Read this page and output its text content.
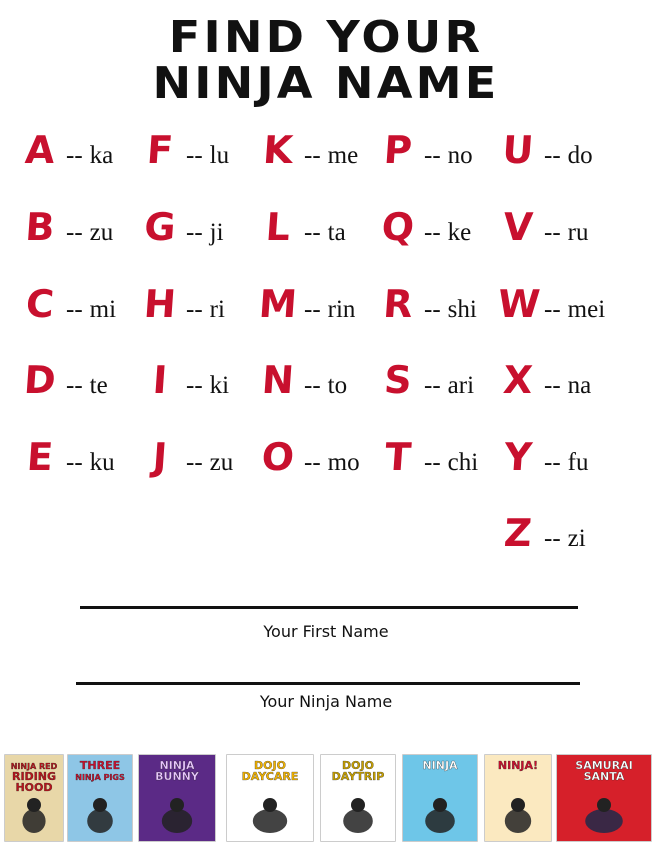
FIND YOUR
NINJA NAME
A -- ka
B -- zu
C -- mi
D -- te
E -- ku
F -- lu
G -- ji
H -- ri
I -- ki
J -- zu
K -- me
L -- ta
M -- rin
N -- to
O -- mo
P -- no
Q -- ke
R -- shi
S -- ari
T -- chi
U -- do
V -- ru
W -- mei
X -- na
Y -- fu
Z -- zi
Your First Name
Your Ninja Name
NINJA RED
RIDING
HOOD
THREE
NINJA PIGS
NINJA
BUNNY
DOJO
DAYCARE
DOJO
DAYTRIP
NINJA	NINJA!	SAMURAI
SANTA
